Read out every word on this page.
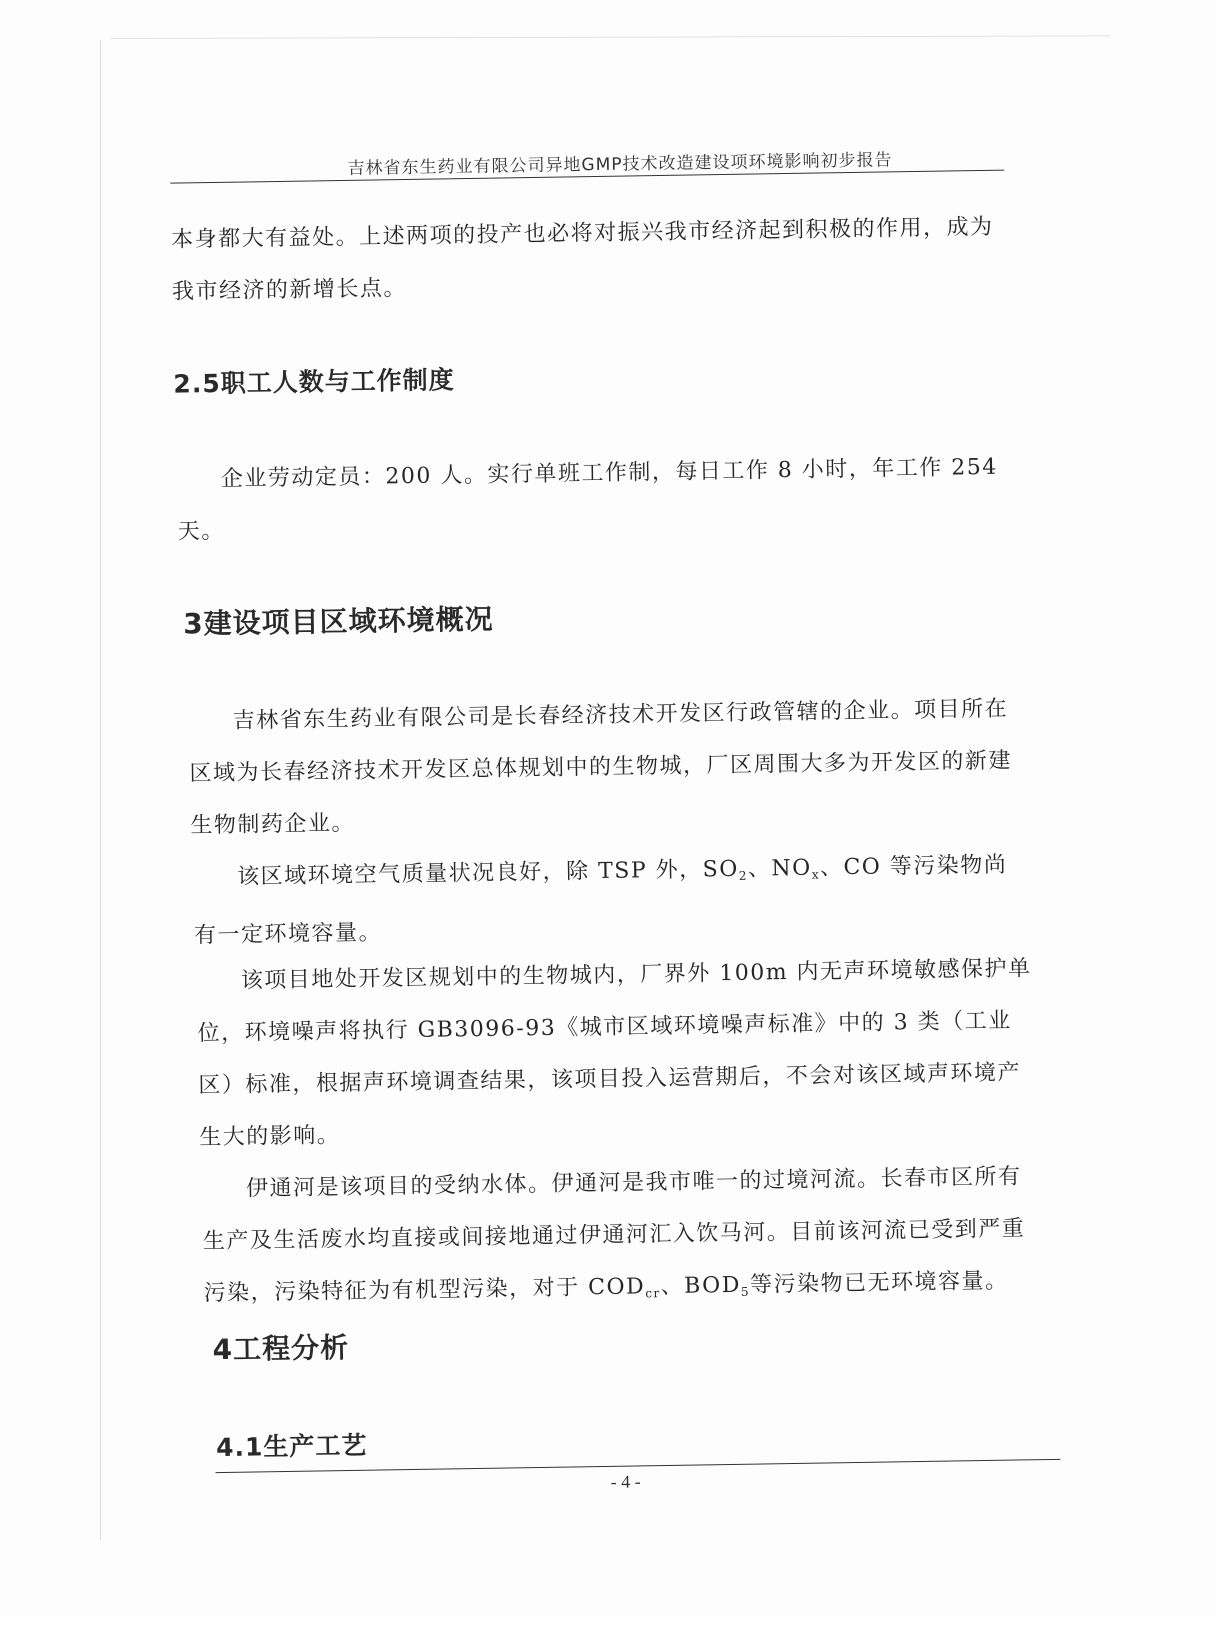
吉林省东生药业有限公司异地GMP技术改造建设项环境影响初步报告
本身都大有益处。上述两项的投产也必将对振兴我市经济起到积极的作用，成为我市经济的新增长点。
2.5职工人数与工作制度
企业劳动定员：200 人。实行单班工作制，每日工作 8 小时，年工作 254 天。
3建设项目区域环境概况
吉林省东生药业有限公司是长春经济技术开发区行政管辖的企业。项目所在区域为长春经济技术开发区总体规划中的生物城，厂区周围大多为开发区的新建生物制药企业。
该区域环境空气质量状况良好，除 TSP 外，$SO_2$、$NO_x$、CO 等污染物尚有一定环境容量。
该项目地处开发区规划中的生物城内，厂界外 100m 内无声环境敏感保护单位，环境噪声将执行 GB3096-93《城市区域环境噪声标准》中的 3 类（工业区）标准，根据声环境调查结果，该项目投入运营期后，不会对该区域声环境产生大的影响。
伊通河是该项目的受纳水体。伊通河是我市唯一的过境河流。长春市区所有生产及生活废水均直接或间接地通过伊通河汇入饮马河。目前该河流已受到严重污染，污染特征为有机型污染，对于 $COD_{cr}$、$BOD_5$等污染物已无环境容量。
4工程分析
4.1生产工艺
- 4 -
